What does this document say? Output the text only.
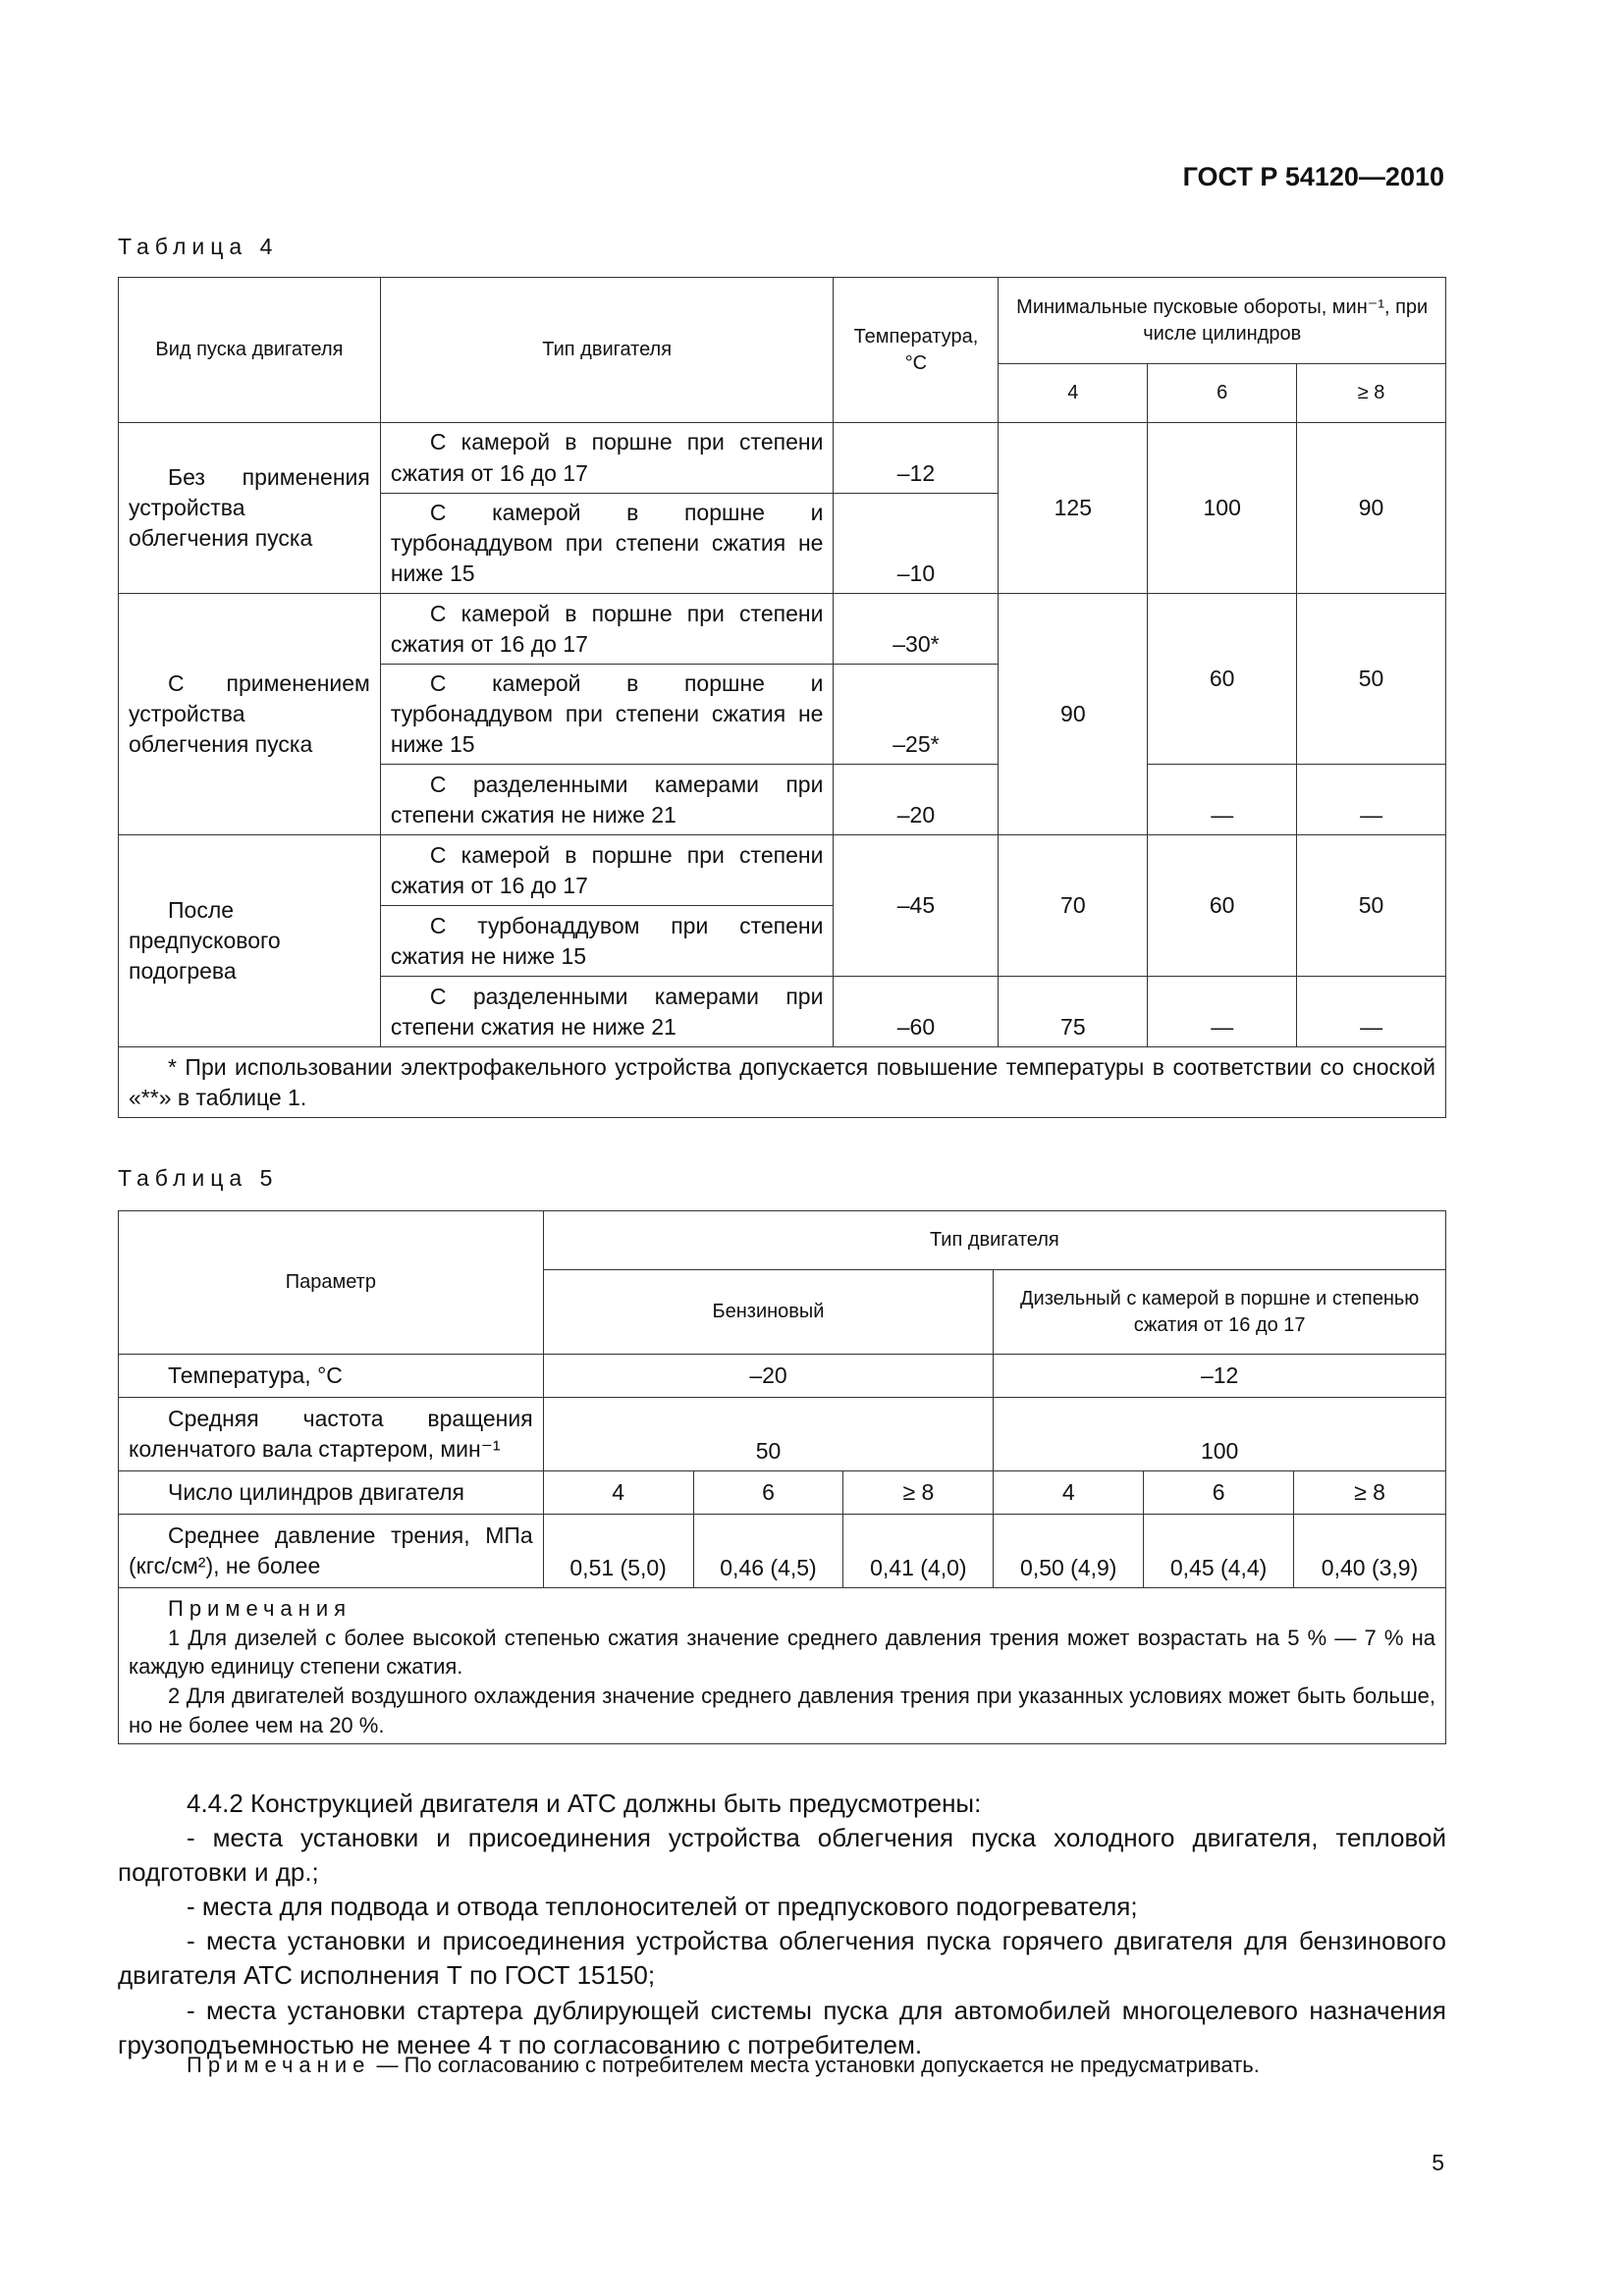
ГОСТ Р 54120—2010
Таблица 4
Вид пуска двигателя	Тип двигателя	Температура, °С	Минимальные пусковые обороты, мин⁻¹, при числе цилиндров		
			4	6	≥ 8
Без применения устройства облегчения пуска	С камерой в поршне при степени сжатия от 16 до 17	–12	125	100	90
	С камерой в поршне и турбонаддувом при степени сжатия не ниже 15	–10			
С применением устройства облегчения пуска	С камерой в поршне при степени сжатия от 16 до 17	–30*	90	60	50
	С камерой в поршне и турбонаддувом при степени сжатия не ниже 15	–25*			
	С разделенными камерами при степени сжатия не ниже 21	–20		—	—
После предпускового подогрева	С камерой в поршне при степени сжатия от 16 до 17	–45	70	60	50
	С турбонаддувом при степени сжатия не ниже 15				
	С разделенными камерами при степени сжатия не ниже 21	–60	75	—	—
* При использовании электрофакельного устройства допускается повышение температуры в соответствии со сноской «**» в таблице 1.					
Таблица 5
Параметр	Тип двигателя					
	Бензиновый			Дизельный с камерой в поршне и степенью сжатия от 16 до 17		
Температура, °С	–20			–12		
Средняя частота вращения коленчатого вала стартером, мин⁻¹	50			100		
Число цилиндров двигателя	4	6	≥ 8	4	6	≥ 8
Среднее давление трения, МПа (кгс/см²), не более	0,51 (5,0)	0,46 (4,5)	0,41 (4,0)	0,50 (4,9)	0,45 (4,4)	0,40 (3,9)

Примечания
1 Для дизелей с более высокой степенью сжатия значение среднего давления трения может возрастать на 5 % — 7 % на каждую единицу степени сжатия.
2 Для двигателей воздушного охлаждения значение среднего давления трения при указанных условиях может быть больше, но не более чем на 20 %.						

4.4.2 Конструкцией двигателя и АТС должны быть предусмотрены:

- места установки и присоединения устройства облегчения пуска холодного двигателя, тепловой подготовки и др.;

- места для подвода и отвода теплоносителей от предпускового подогревателя;

- места установки и присоединения устройства облегчения пуска горячего двигателя для бензинового двигателя АТС исполнения Т по ГОСТ 15150;

- места установки стартера дублирующей системы пуска для автомобилей многоцелевого назначения грузоподъемностью не менее 4 т по согласованию с потребителем.

Примечание — По согласованию с потребителем места установки допускается не предусматривать.
5
